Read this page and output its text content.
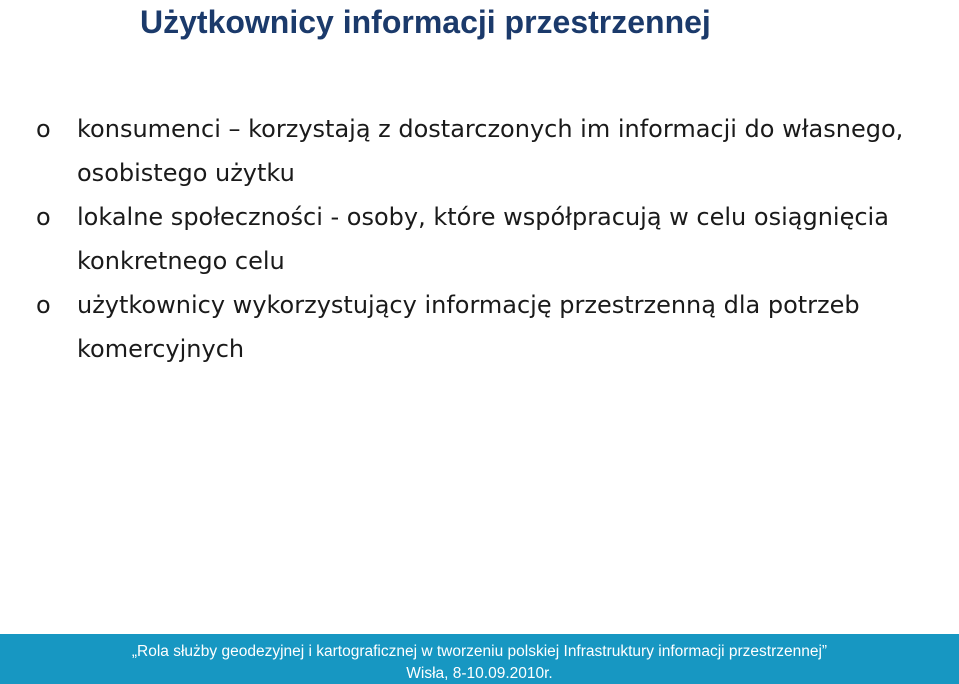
Użytkownicy informacji przestrzennej
o konsumenci – korzystają z dostarczonych im informacji do własnego, osobistego użytku
o lokalne społeczności - osoby, które współpracują w celu osiągnięcia konkretnego celu
o użytkownicy wykorzystujący informację przestrzenną dla potrzeb komercyjnych
„Rola służby geodezyjnej i kartograficznej w tworzeniu polskiej Infrastruktury informacji przestrzennej”
Wisła, 8-10.09.2010r.
